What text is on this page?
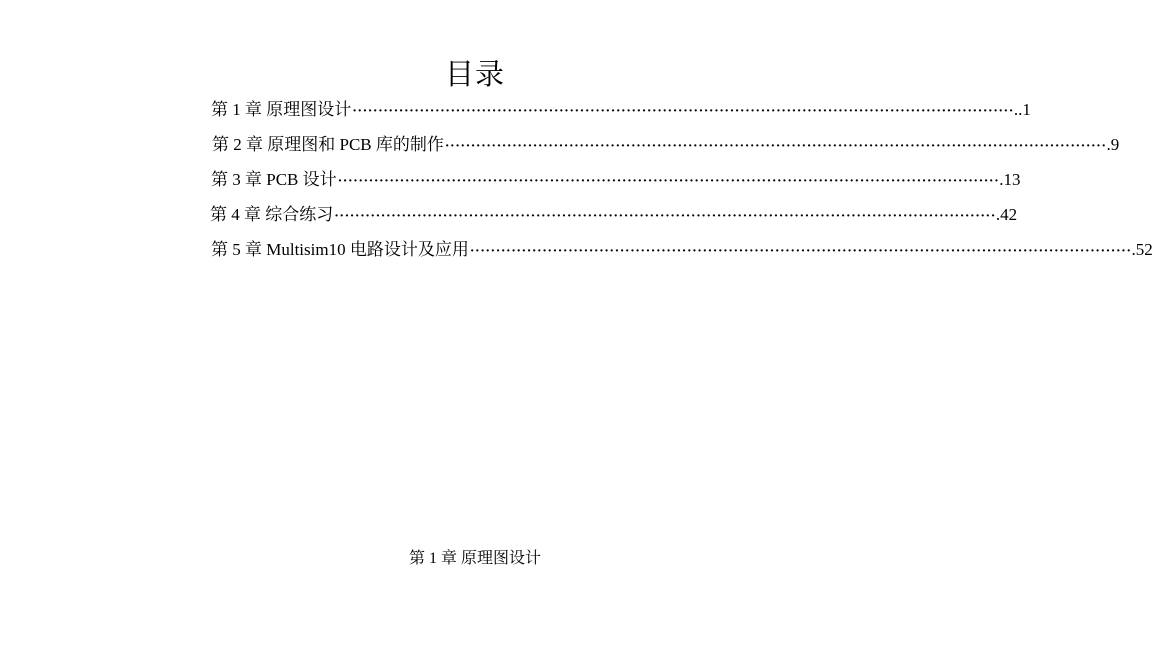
目录
第 1 章 原理图设计 ································································································································ ..1
第 2 章 原理图和 PCB 库的制作 ································································································································ .9
第 3 章 PCB 设计 ································································································································ .13
第 4 章 综合练习 ································································································································ .42
第 5 章 Multisim10 电路设计及应用 ································································································································ .52
第 1 章 原理图设计
